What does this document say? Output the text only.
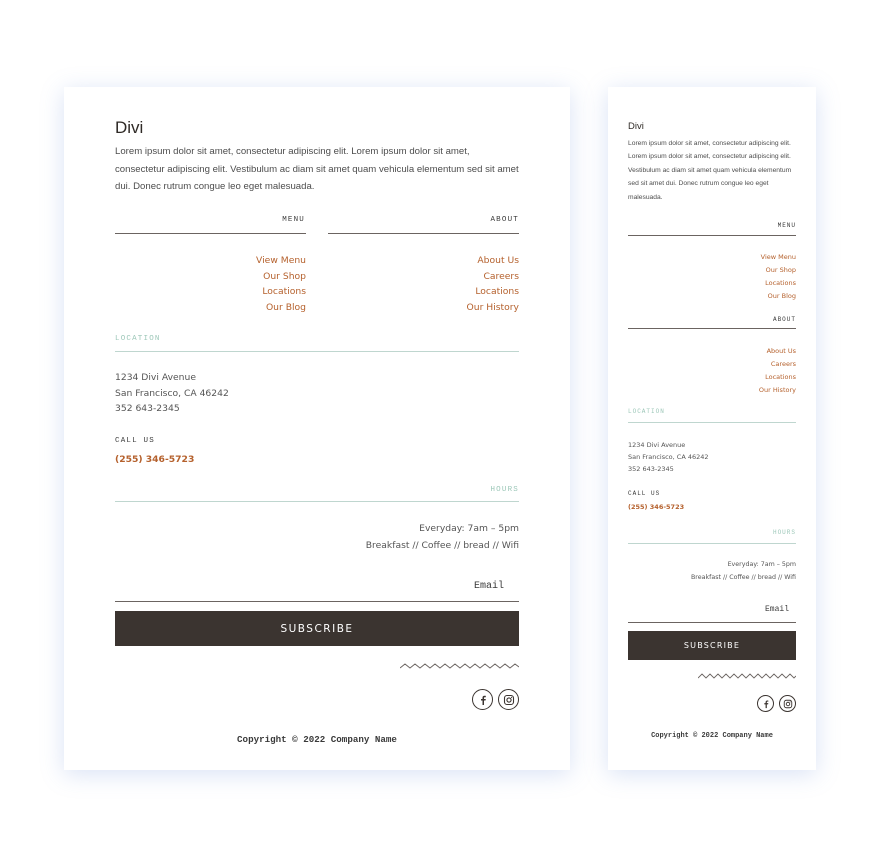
Divi
Lorem ipsum dolor sit amet, consectetur adipiscing elit. Lorem ipsum dolor sit amet, consectetur adipiscing elit. Vestibulum ac diam sit amet quam vehicula elementum sed sit amet dui. Donec rutrum congue leo eget malesuada.
MENU
View Menu
Our Shop
Locations
Our Blog
ABOUT
About Us
Careers
Locations
Our History
LOCATION
1234 Divi Avenue
San Francisco, CA 46242
352 643-2345
CALL US
(255) 346-5723
HOURS
Everyday: 7am – 5pm
Breakfast // Coffee // bread // Wifi
Email
SUBSCRIBE
Copyright © 2022 Company Name
Divi
Lorem ipsum dolor sit amet, consectetur adipiscing elit. Lorem ipsum dolor sit amet, consectetur adipiscing elit. Vestibulum ac diam sit amet quam vehicula elementum sed sit amet dui. Donec rutrum congue leo eget malesuada.
MENU
View Menu
Our Shop
Locations
Our Blog
ABOUT
About Us
Careers
Locations
Our History
LOCATION
1234 Divi Avenue
San Francisco, CA 46242
352 643-2345
CALL US
(255) 346-5723
HOURS
Everyday: 7am – 5pm
Breakfast // Coffee // bread // Wifi
Email
SUBSCRIBE
Copyright © 2022 Company Name
